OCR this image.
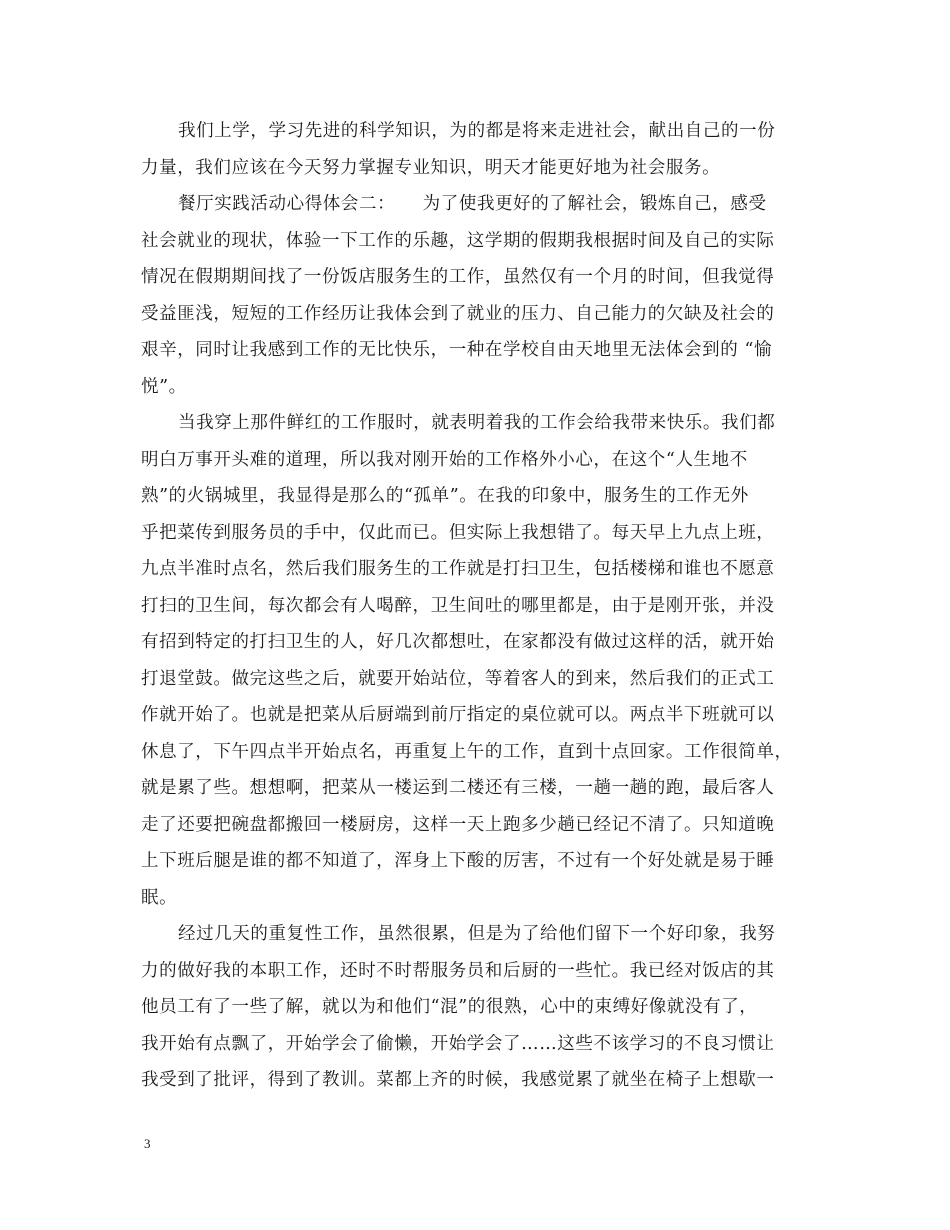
我们上学，学习先进的科学知识，为的都是将来走进社会，献出自己的一份
力量，我们应该在今天努力掌握专业知识，明天才能更好地为社会服务。
餐厅实践活动心得体会二：　　为了使我更好的了解社会，锻炼自己，感受
社会就业的现状，体验一下工作的乐趣，这学期的假期我根据时间及自己的实际
情况在假期期间找了一份饭店服务生的工作，虽然仅有一个月的时间，但我觉得
受益匪浅，短短的工作经历让我体会到了就业的压力、自己能力的欠缺及社会的
艰辛，同时让我感到工作的无比快乐，一种在学校自由天地里无法体会到的 “愉
悦”。
当我穿上那件鲜红的工作服时，就表明着我的工作会给我带来快乐。我们都
明白万事开头难的道理，所以我对刚开始的工作格外小心，在这个“人生地不
熟”的火锅城里，我显得是那么的“孤单”。在我的印象中，服务生的工作无外
乎把菜传到服务员的手中，仅此而已。但实际上我想错了。每天早上九点上班，
九点半准时点名，然后我们服务生的工作就是打扫卫生，包括楼梯和谁也不愿意
打扫的卫生间，每次都会有人喝醉，卫生间吐的哪里都是，由于是刚开张，并没
有招到特定的打扫卫生的人，好几次都想吐，在家都没有做过这样的活，就开始
打退堂鼓。做完这些之后，就要开始站位，等着客人的到来，然后我们的正式工
作就开始了。也就是把菜从后厨端到前厅指定的桌位就可以。两点半下班就可以
休息了，下午四点半开始点名，再重复上午的工作，直到十点回家。工作很简单，
就是累了些。想想啊，把菜从一楼运到二楼还有三楼，一趟一趟的跑，最后客人
走了还要把碗盘都搬回一楼厨房，这样一天上跑多少趟已经记不清了。只知道晚
上下班后腿是谁的都不知道了，浑身上下酸的厉害，不过有一个好处就是易于睡
眠。
经过几天的重复性工作，虽然很累，但是为了给他们留下一个好印象，我努
力的做好我的本职工作，还时不时帮服务员和后厨的一些忙。我已经对饭店的其
他员工有了一些了解，就以为和他们“混”的很熟，心中的束缚好像就没有了，
我开始有点飘了，开始学会了偷懒，开始学会了……这些不该学习的不良习惯让
我受到了批评，得到了教训。菜都上齐的时候，我感觉累了就坐在椅子上想歇一
3
